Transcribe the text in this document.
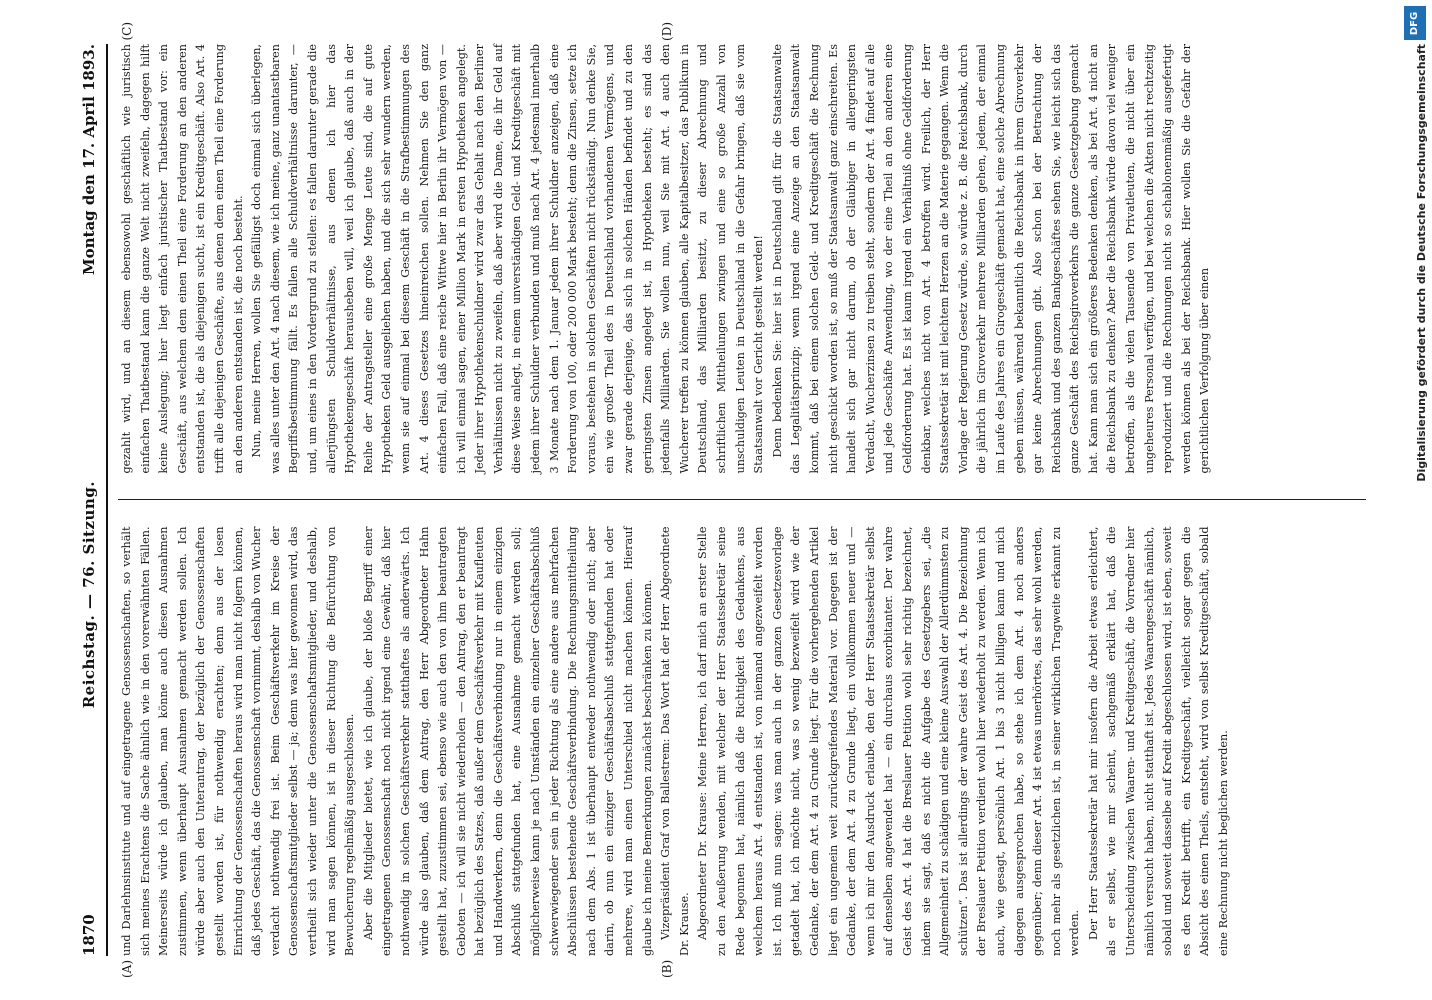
1870
Reichstag. — 76. Sitzung.
Montag den 17. April 1893.
(A)	(B)

und Darlehnsinstitute und auf eingetragene Genossenschaften, so verhält sich meines Erachtens die Sache ähnlich wie in den vorerwähnten Fällen. Meinerseits würde ich glauben, man könne auch diesen Ausnahmen zustimmen, wenn überhaupt Ausnahmen gemacht werden sollen. Ich würde aber auch den Unterantrag, der bezüglich der Genossenschaften gestellt worden ist, für nothwendig erachten; denn aus der losen Einrichtung der Genossenschaften heraus wird man nicht folgern können, daß jedes Geschäft, das die Genossenschaft vornimmt, deshalb von Wucher verdacht nothwendig frei ist. Beim Geschäftsverkehr im Kreise der Genossenschaftsmitglieder selbst — ja; denn was hier gewonnen wird, das vertheilt sich wieder unter die Genossenschaftsmitglieder, und deshalb, wird man sagen können, ist in dieser Richtung die Befürchtung von Bewucherung regelmäßig ausgeschlossen. Aber die Mitglieder bietet, wie ich glaube, der bloße Begriff einer eingetragenen Genossenschaft noch nicht irgend eine Gewähr, daß hier nothwendig in solchen Geschäftsverkehr statthaftes als anderwärts. Ich würde also glauben, daß dem Antrag, den Herr Abgeordneter Hahn gestellt hat, zuzustimmen sei, ebenso wie auch den von ihm beantragten Geboten — ich will sie nicht wiederholen — den Antrag, den er beantragt hat bezüglich des Satzes, daß außer dem Geschäftsverkehr mit Kaufleuten und Handwerkern, denn die Geschäftsverbindung nur in einem einzigen Abschluß stattgefunden hat, eine Ausnahme gemacht werden soll; möglicherweise kann je nach Umständen ein einzelner Geschäftsabschluß schwerwiegender sein in jeder Richtung als eine andere aus mehrfachen Abschlüssen bestehende Geschäftsverbindung. Die Rechnungsmittheilung nach dem Abs. 1 ist überhaupt entweder nothwendig oder nicht; aber darin, ob nun ein einziger Geschäftsabschluß stattgefunden hat oder mehrere, wird man einen Unterschied nicht machen können. Hierauf glaube ich meine Bemerkungen zunächst beschränken zu können. Vizepräsident Graf von Ballestrem: Das Wort hat der Herr Abgeordnete Dr. Krause. Abgeordneter Dr. Krause: Meine Herren, ich darf mich an erster Stelle zu den Aeußerung wenden, mit welcher der Herr Staatssekretär seine Rede begonnen hat, nämlich daß die Richtigkeit des Gedankens, aus welchem heraus Art. 4 entstanden ist, von niemand angezweifelt worden ist. Ich muß nun sagen: was man auch in der ganzen Gesetzesvorlage getadelt hat, ich möchte nicht, was so wenig bezweifelt wird wie der Gedanke, der dem Art. 4 zu Grunde liegt. Für die vorhergehenden Artikel liegt ein ungemein weit zurückgreifendes Material vor. Dagegen ist der Gedanke, der dem Art. 4 zu Grunde liegt, ein vollkommen neuer und — wenn ich mir den Ausdruck erlaube, den der Herr Staatssekretär selbst auf denselben angewendet hat — ein durchaus exorbitanter. Der wahre Geist des Art. 4 hat die Breslauer Petition wohl sehr richtig bezeichnet, indem sie sagt, daß es nicht die Aufgabe des Gesetzgebers sei, „die Allgemeinheit zu schädigen und eine kleine Auswahl der Allerdümmsten zu schützen“. Das ist allerdings der wahre Geist des Art. 4. Die Bezeichnung der Breslauer Petition verdient wohl hier wiederholt zu werden. Wenn ich auch, wie gesagt, persönlich Art. 1 bis 3 nicht billigen kann und mich dagegen ausgesprochen habe, so stehe ich dem Art. 4 noch anders gegenüber; denn dieser Art. 4 ist etwas unerhörtes, das sehr wohl werden, noch mehr als gesetzlichen ist, in seiner wirklichen Tragweite erkannt zu werden. Der Herr Staatssekretär hat mir insofern die Arbeit etwas erleichtert, als er selbst, wie mir scheint, sachgemäß erklärt hat, daß die Unterscheidung zwischen Waaren- und Kreditgeschäft, die Vorredner hier nämlich versucht haben, nicht statthaft ist. Jedes Waarengeschäft nämlich, sobald und soweit dasselbe auf Kredit abgeschlossen wird, ist eben, soweit es den Kredit betrifft, ein Kreditgeschäft, vielleicht sogar gegen die Absicht des einen Theils, entsteht, wird von selbst Kreditgeschäft, sobald eine Rechnung nicht beglichen werden.

(C)	(D)

gezahlt wird, und an diesem ebensowohl geschäftlich wie juristisch einfachen Thatbestand kann die ganze Welt nicht zweifeln, dagegen hilft keine Auslegung; hier liegt einfach juristischer Thatbestand vor: ein Geschäft, aus welchem dem einen Theil eine Forderung an den anderen entstanden ist, die als diejenigen sucht, ist ein Kreditgeschäft. Also Art. 4 trifft alle diejenigen Geschäfte, aus denen dem einen Theil eine Forderung an den anderen entstanden ist, die noch besteht. Nun, meine Herren, wollen Sie gefälligst doch einmal sich überlegen, was alles unter den Art. 4 nach diesem, wie ich meine, ganz unantastbaren Begriffsbestimmung fällt. Es fallen alle Schuldverhältnisse darunter, — und, um eines in den Vordergrund zu stellen: es fallen darunter gerade die allerjüngsten Schuldverhältnisse, aus denen ich hier das Hypothekengeschäft herausheben will, weil ich glaube, daß auch in der Reihe der Antragsteller eine große Menge Leute sind, die auf gute Hypotheken Geld ausgeliehen haben, und die sich sehr wundern werden, wenn sie auf einmal bei diesem Geschäft in die Strafbestimmungen des Art. 4 dieses Gesetzes hineinreichen sollen. Nehmen Sie den ganz einfachen Fall, daß eine reiche Wittwe hier in Berlin ihr Vermögen von — ich will einmal sagen, einer Million Mark in ersten Hypotheken angelegt. Jeder ihrer Hypothekenschuldner wird zwar das Gehalt nach den Berliner Verhältnissen nicht zu zweifeln, daß aber wird die Dame, die ihr Geld auf diese Weise anlegt, in einem unverständigen Geld- und Kreditgeschäft mit jedem ihrer Schuldner verbunden und muß nach Art. 4 jedesmal innerhalb 3 Monate nach dem 1. Januar jedem ihrer Schuldner anzeigen, daß eine Forderung von 100, oder 200 000 Mark besteht; denn die Zinsen, setze ich voraus, bestehen in solchen Geschäften nicht rückständig. Nun denke Sie, ein wie großer Theil des in Deutschland vorhandenen Vermögens, und zwar gerade derjenige, das sich in solchen Händen befindet und zu den geringsten Zinsen angelegt ist, in Hypotheken besteht; es sind das jedenfalls Milliarden. Sie wollen nun, weil Sie mit Art. 4 auch den Wucherer treffen zu können glauben, alle Kapitalbesitzer, das Publikum in Deutschland, das Milliarden besitzt, zu dieser Abrechnung und schriftlichen Mittheilungen zwingen und eine so große Anzahl von unschuldigen Leuten in Deutschland in die Gefahr bringen, daß sie vom Staatsanwalt vor Gericht gestellt werden! Denn bedenken Sie: hier ist in Deutschland gilt für die Staatsanwalte das Legalitätsprinzip; wenn irgend eine Anzeige an den Staatsanwalt kommt, daß bei einem solchen Geld- und Kreditgeschäft die Rechnung nicht geschickt worden ist, so muß der Staatsanwalt ganz einschreiten. Es handelt sich gar nicht darum, ob der Gläubiger in allergeringsten Verdacht, Wucherzinsen zu treiben steht, sondern der Art. 4 findet auf alle und jede Geschäfte Anwendung, wo der eine Theil an den anderen eine Geldforderung hat. Es ist kaum irgend ein Verhältniß ohne Geldforderung denkbar, welches nicht von Art. 4 betroffen wird. Freilich, der Herr Staatssekretär ist mit leichtem Herzen an die Materie gegangen. Wenn die Vorlage der Regierung Gesetz würde, so würde z. B. die Reichsbank, durch die jährlich im Giroverkehr mehrere Milliarden gehen, jedem, der einmal im Laufe des Jahres ein Girogeschäft gemacht hat, eine solche Abrechnung geben müssen, während bekanntlich die Reichsbank in ihrem Giroverkehr gar keine Abrechnungen gibt. Also schon bei der Betrachtung der Reichsbank und des ganzen Bankgeschäftes sehen Sie, wie leicht sich das ganze Geschäft des Reichsgiroverkehrs die ganze Gesetzgebung gemacht hat. Kann man sich ein größeres Bedenken denken, als bei Art. 4 nicht an die Reichsbank zu denken? Aber die Reichsbank würde davon viel weniger betroffen, als die vielen Tausende von Privatleuten, die nicht über ein ungeheures Personal verfügen, und bei welchen die Akten nicht rechtzeitig reproduziert und die Rechnungen nicht so schablonenmäßig ausgefertigt werden können als bei der Reichsbank. Hier wollen Sie die Gefahr der gerichtlichen Verfolgung über einen

DFG
Digitalisierung gefördert durch die Deutsche Forschungsgemeinschaft
